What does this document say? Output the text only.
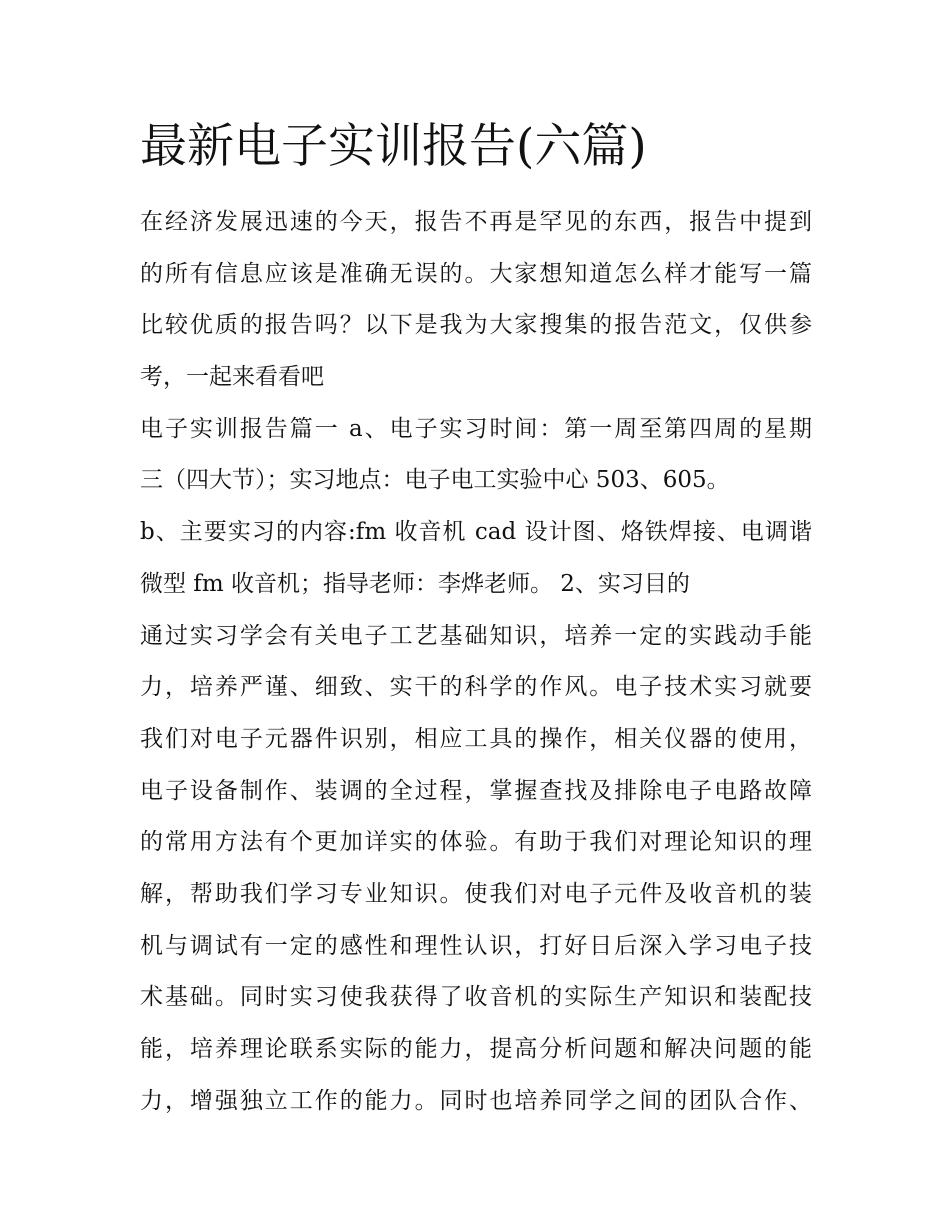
最新电子实训报告(六篇)
在经济发展迅速的今天，报告不再是罕见的东西，报告中提到
的所有信息应该是准确无误的。大家想知道怎么样才能写一篇
比较优质的报告吗？以下是我为大家搜集的报告范文，仅供参
考，一起来看看吧
电子实训报告篇一 a、电子实习时间：第一周至第四周的星期
三（四大节）；实习地点：电子电工实验中心 503、605。
b、主要实习的内容:fm 收音机 cad 设计图、烙铁焊接、电调谐
微型 fm 收音机；指导老师：李烨老师。 2、实习目的
通过实习学会有关电子工艺基础知识，培养一定的实践动手能
力，培养严谨、细致、实干的科学的作风。电子技术实习就要
我们对电子元器件识别，相应工具的操作，相关仪器的使用，
电子设备制作、装调的全过程，掌握查找及排除电子电路故障
的常用方法有个更加详实的体验。有助于我们对理论知识的理
解，帮助我们学习专业知识。使我们对电子元件及收音机的装
机与调试有一定的感性和理性认识，打好日后深入学习电子技
术基础。同时实习使我获得了收音机的实际生产知识和装配技
能，培养理论联系实际的能力，提高分析问题和解决问题的能
力，增强独立工作的能力。同时也培养同学之间的团队合作、
